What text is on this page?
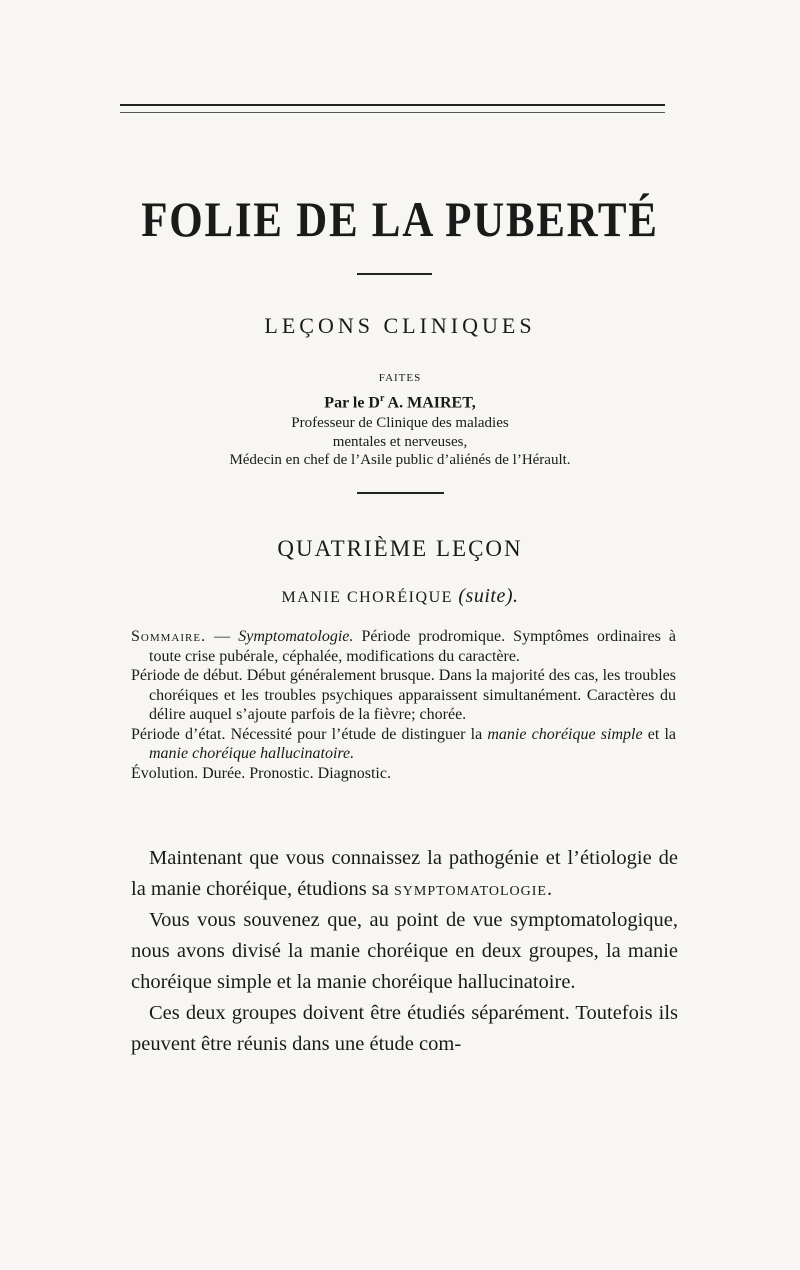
FOLIE DE LA PUBERTÉ
LEÇONS CLINIQUES
FAITES
Par le $D^r$ A. MAIRET,
Professeur de Clinique des maladies
mentales et nerveuses,
Médecin en chef de l’Asile public d’aliénés de l’Hérault.
QUATRIÈME LEÇON
MANIE CHORÉIQUE (suite).

Sommaire. — Symptomatologie. Période prodromique. Symptômes ordinaires à toute crise pubérale, céphalée, modifications du caractère.

Période de début. Début généralement brusque. Dans la majorité des cas, les troubles choréiques et les troubles psychiques apparaissent simultanément. Caractères du délire auquel s’ajoute parfois de la fièvre; chorée.

Période d’état. Nécessité pour l’étude de distinguer la manie choréique simple et la manie choréique hallucinatoire.

Évolution. Durée. Pronostic. Diagnostic.

Maintenant que vous connaissez la pathogénie et l’étiologie de la manie choréique, étudions sa symptomatologie.

Vous vous souvenez que, au point de vue symptomatologique, nous avons divisé la manie choréique en deux groupes, la manie choréique simple et la manie choréique hallucinatoire.

Ces deux groupes doivent être étudiés séparément. Toutefois ils peuvent être réunis dans une étude com-
